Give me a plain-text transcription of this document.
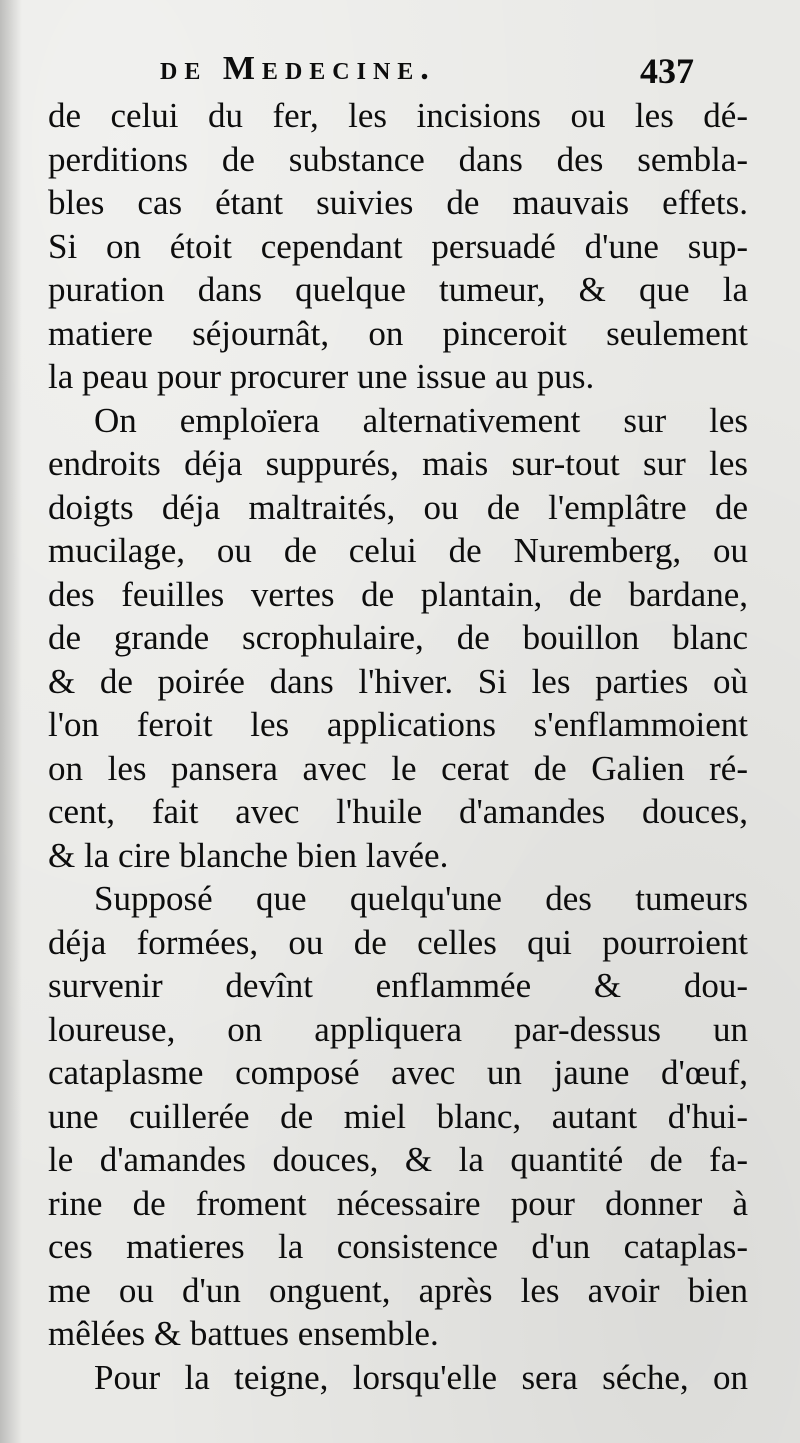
de Medecine.	437
de celui du fer, les incisions ou les dé-
perditions de substance dans des sembla-
bles cas étant suivies de mauvais effets.
Si on étoit cependant persuadé d'une sup-
puration dans quelque tumeur, & que la
matiere séjournât, on pinceroit seulement
la peau pour procurer une issue au pus.
On emploïera alternativement sur les
endroits déja suppurés, mais sur-tout sur les
doigts déja maltraités, ou de l'emplâtre de
mucilage, ou de celui de Nuremberg, ou
des feuilles vertes de plantain, de bardane,
de grande scrophulaire, de bouillon blanc
& de poirée dans l'hiver. Si les parties où
l'on feroit les applications s'enflammoient
on les pansera avec le cerat de Galien ré-
cent, fait avec l'huile d'amandes douces,
& la cire blanche bien lavée.
Supposé que quelqu'une des tumeurs
déja formées, ou de celles qui pourroient
survenir devînt enflammée & dou-
loureuse, on appliquera par-dessus un
cataplasme composé avec un jaune d'œuf,
une cuillerée de miel blanc, autant d'hui-
le d'amandes douces, & la quantité de fa-
rine de froment nécessaire pour donner à
ces matieres la consistence d'un cataplas-
me ou d'un onguent, après les avoir bien
mêlées & battues ensemble.
Pour la teigne, lorsqu'elle sera séche, on
